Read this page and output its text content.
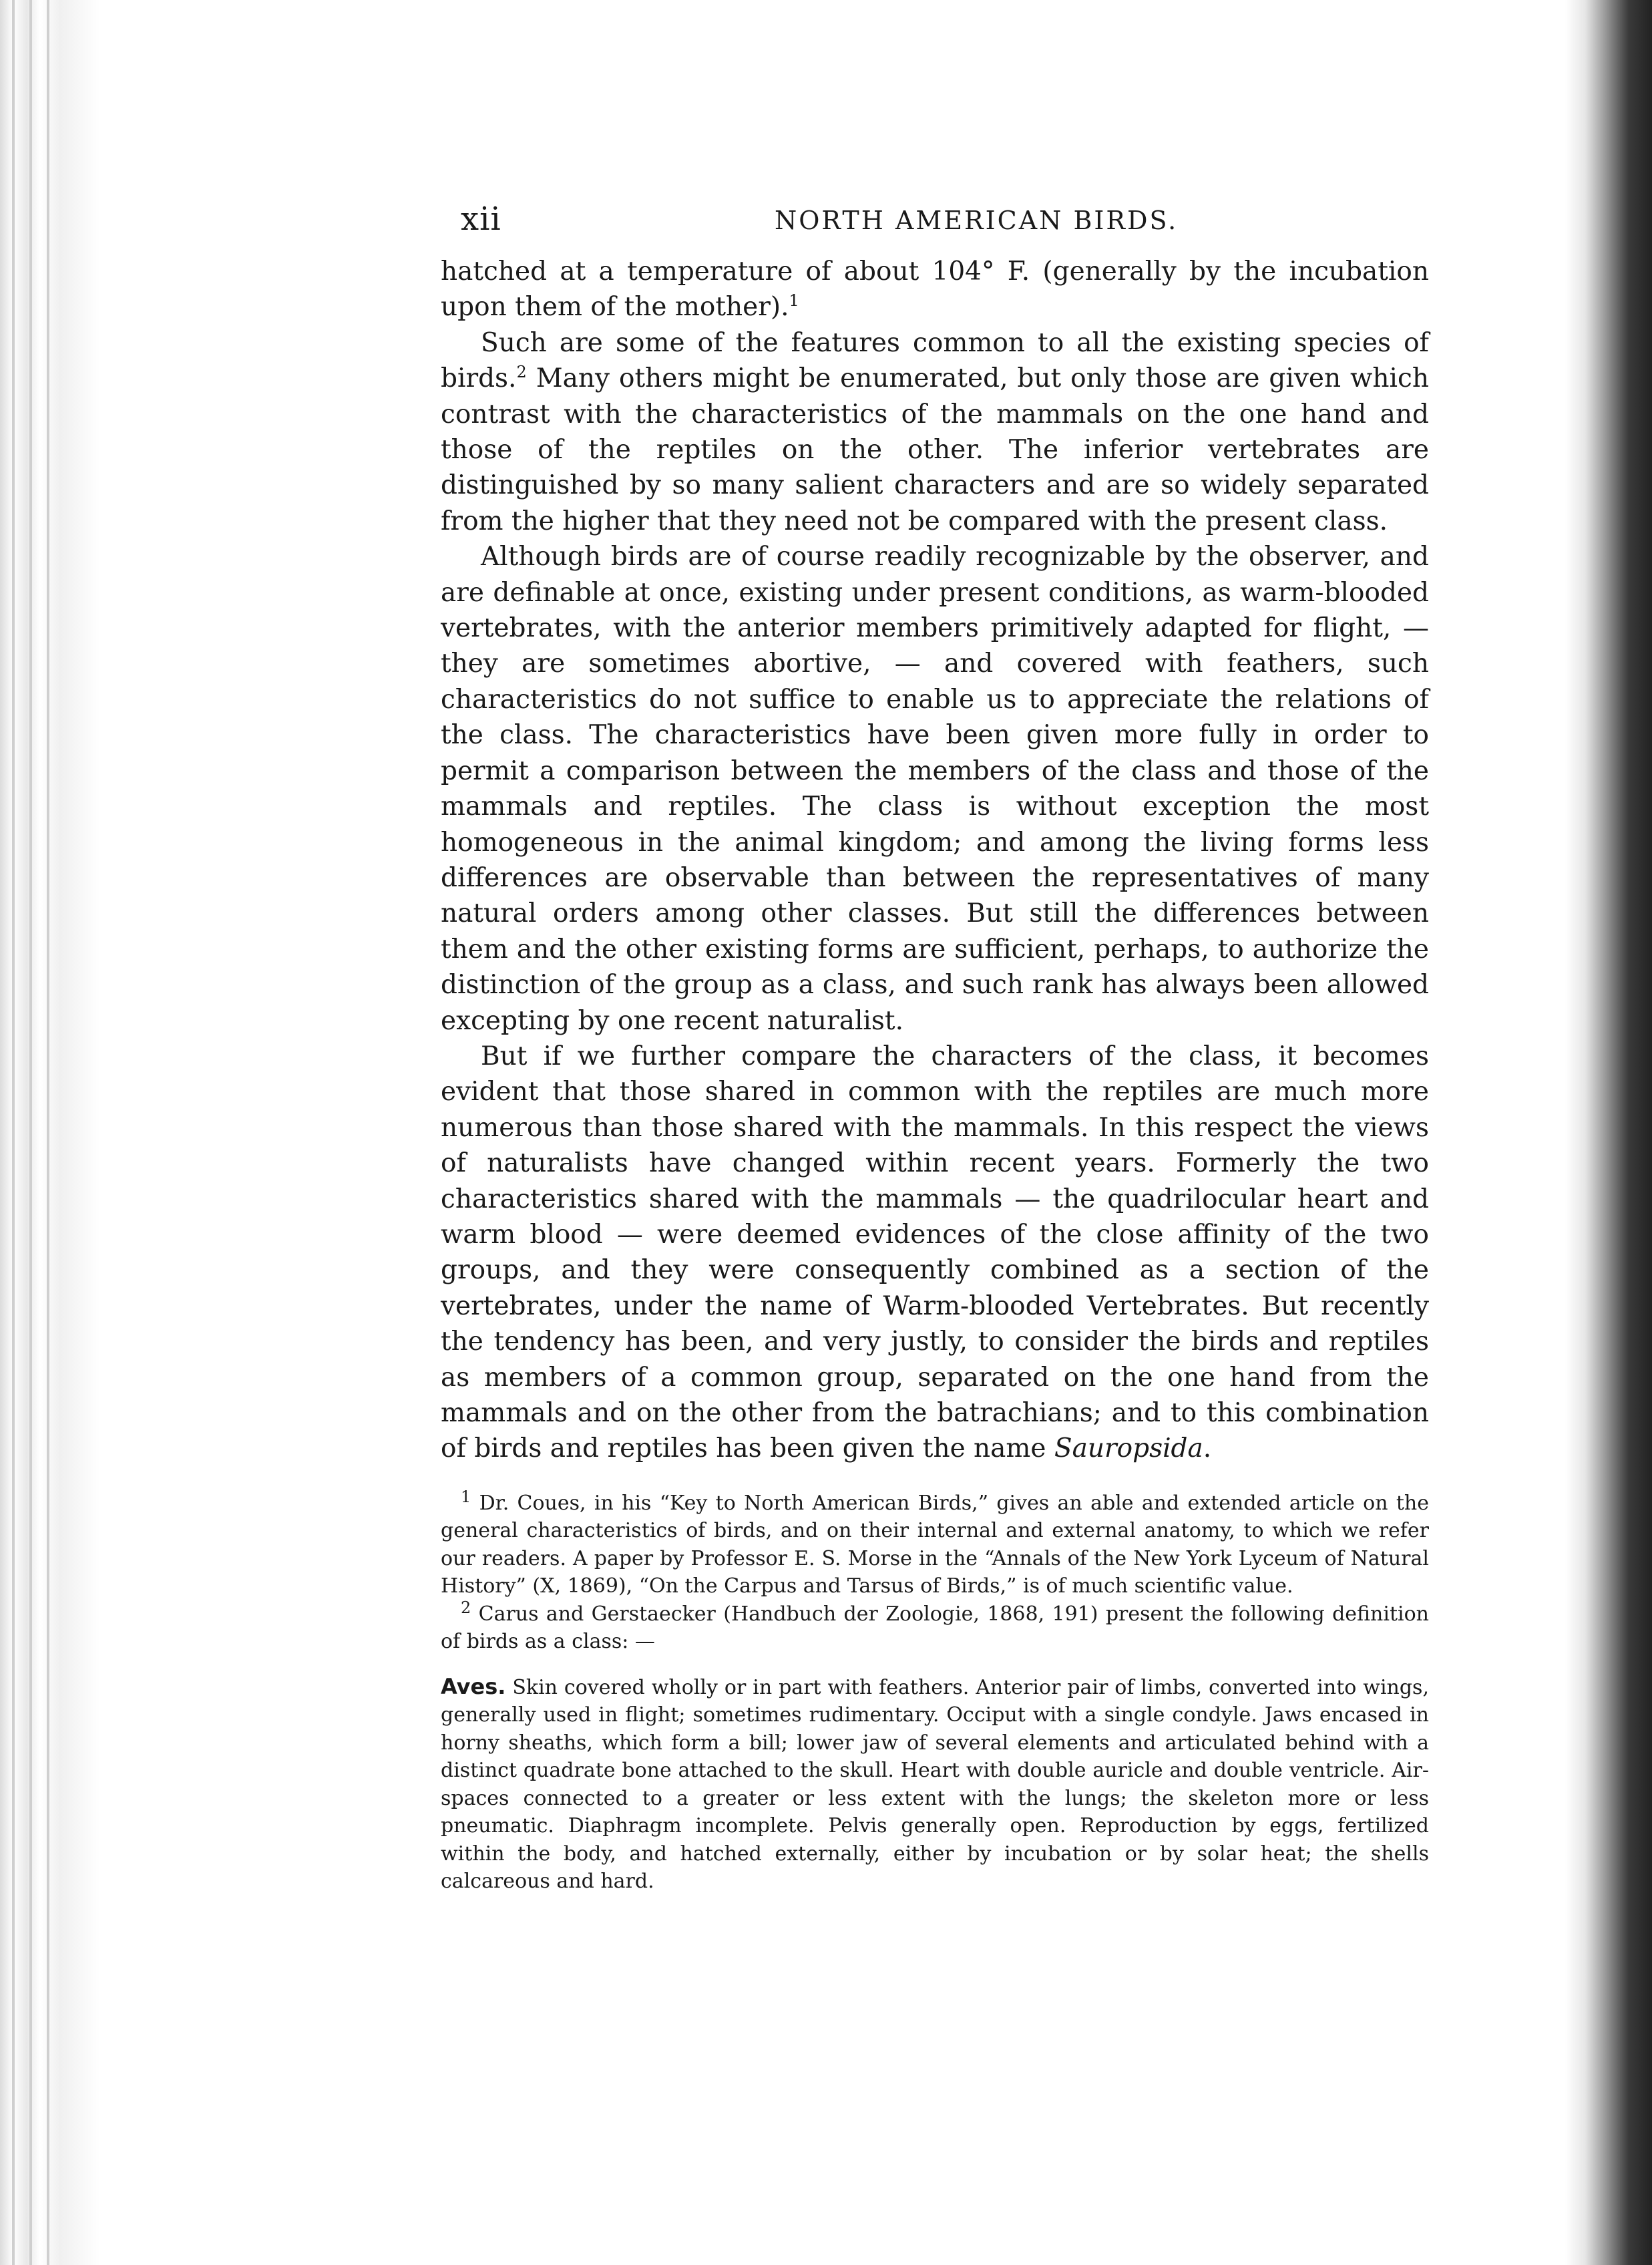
xii	NORTH AMERICAN BIRDS.

hatched at a temperature of about 104° F. (generally by the incubation upon them of the mother).$^1$

Such are some of the features common to all the existing species of birds.$^2$ Many others might be enumerated, but only those are given which contrast with the characteristics of the mammals on the one hand and those of the reptiles on the other. The inferior vertebrates are distinguished by so many salient characters and are so widely separated from the higher that they need not be compared with the present class.

Although birds are of course readily recognizable by the observer, and are definable at once, existing under present conditions, as warm-blooded vertebrates, with the anterior members primitively adapted for flight, — they are sometimes abortive, — and covered with feathers, such characteristics do not suffice to enable us to appreciate the relations of the class. The characteristics have been given more fully in order to permit a comparison between the members of the class and those of the mammals and reptiles. The class is without exception the most homogeneous in the animal kingdom; and among the living forms less differences are observable than between the representatives of many natural orders among other classes. But still the differences between them and the other existing forms are sufficient, perhaps, to authorize the distinction of the group as a class, and such rank has always been allowed excepting by one recent naturalist.

But if we further compare the characters of the class, it becomes evident that those shared in common with the reptiles are much more numerous than those shared with the mammals. In this respect the views of naturalists have changed within recent years. Formerly the two characteristics shared with the mammals — the quadrilocular heart and warm blood — were deemed evidences of the close affinity of the two groups, and they were consequently combined as a section of the vertebrates, under the name of Warm-blooded Vertebrates. But recently the tendency has been, and very justly, to consider the birds and reptiles as members of a common group, separated on the one hand from the mammals and on the other from the batrachians; and to this combination of birds and reptiles has been given the name Sauropsida.

$^1$ Dr. Coues, in his “Key to North American Birds,” gives an able and extended article on the general characteristics of birds, and on their internal and external anatomy, to which we refer our readers. A paper by Professor E. S. Morse in the “Annals of the New York Lyceum of Natural History” (X, 1869), “On the Carpus and Tarsus of Birds,” is of much scientific value.

$^2$ Carus and Gerstaecker (Handbuch der Zoologie, 1868, 191) present the following definition of birds as a class: —

Aves. Skin covered wholly or in part with feathers. Anterior pair of limbs, converted into wings, generally used in flight; sometimes rudimentary. Occiput with a single condyle. Jaws encased in horny sheaths, which form a bill; lower jaw of several elements and articulated behind with a distinct quadrate bone attached to the skull. Heart with double auricle and double ventricle. Air-spaces connected to a greater or less extent with the lungs; the skeleton more or less pneumatic. Diaphragm incomplete. Pelvis generally open. Reproduction by eggs, fertilized within the body, and hatched externally, either by incubation or by solar heat; the shells calcareous and hard.
